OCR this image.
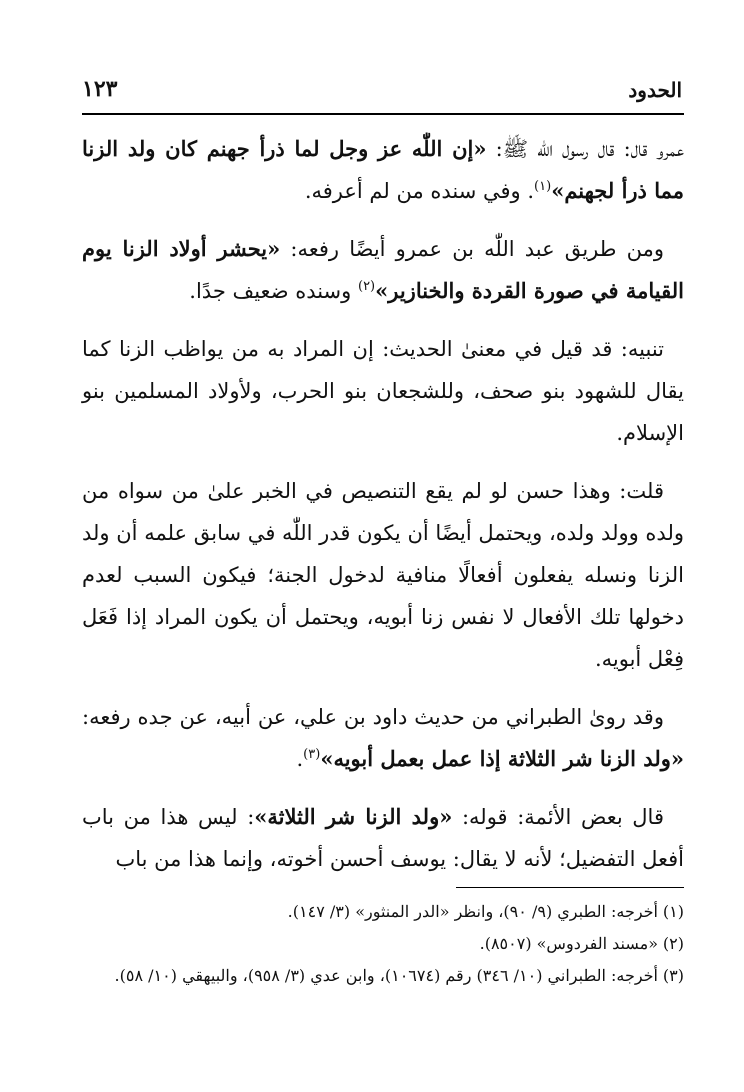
الحدود
١٢٣

عمرو قال: قال رسول اللّٰه ﷺ: «إن اللّٰه عز وجل لما ذرأ جهنم كان ولد الزنا مما ذرأ لجهنم»$^{(١)}$. وفي سنده من لم أعرفه.

ومن طريق عبد اللّٰه بن عمرو أيضًا رفعه: «يحشر أولاد الزنا يوم القيامة في صورة القردة والخنازير»$^{(٢)}$ وسنده ضعيف جدًا.

تنبيه: قد قيل في معنىٰ الحديث: إن المراد به من يواظب الزنا كما يقال للشهود بنو صحف، وللشجعان بنو الحرب، ولأولاد المسلمين بنو الإسلام.

قلت: وهذا حسن لو لم يقع التنصيص في الخبر علىٰ من سواه من ولده وولد ولده، ويحتمل أيضًا أن يكون قدر اللّٰه في سابق علمه أن ولد الزنا ونسله يفعلون أفعالًا منافية لدخول الجنة؛ فيكون السبب لعدم دخولها تلك الأفعال لا نفس زنا أبويه، ويحتمل أن يكون المراد إذا فَعَل فِعْل أبويه.

وقد روىٰ الطبراني من حديث داود بن علي، عن أبيه، عن جده رفعه: «ولد الزنا شر الثلاثة إذا عمل بعمل أبويه»$^{(٣)}$.

قال بعض الأئمة: قوله: «ولد الزنا شر الثلاثة»: ليس هذا من باب أفعل التفضيل؛ لأنه لا يقال: يوسف أحسن أخوته، وإنما هذا من باب

(١)
أخرجه: الطبري (٩/ ٩٠)، وانظر «الدر المنثور» (٣/ ١٤٧).

(٢)
«مسند الفردوس» (٨٥٠٧).

(٣)
أخرجه: الطبراني (١٠/ ٣٤٦) رقم (١٠٦٧٤)، وابن عدي (٣/ ٩٥٨)، والبيهقي (١٠/ ٥٨).
